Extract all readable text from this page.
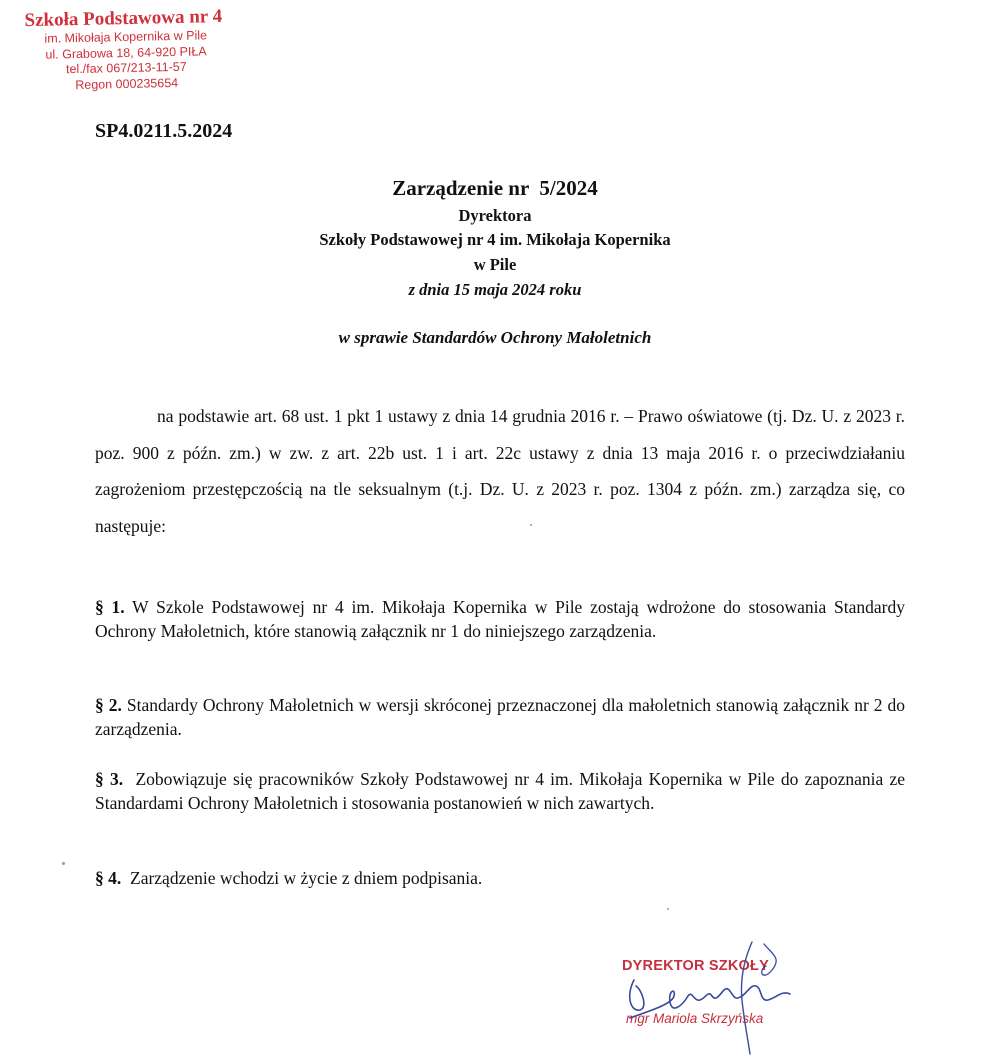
Szkoła Podstawowa nr 4
im. Mikołaja Kopernika w Pile
ul. Grabowa 18, 64-920 PIŁA
tel./fax 067/213-11-57
Regon 000235654
SP4.0211.5.2024
Zarządzenie nr  5/2024
Dyrektora
Szkoły Podstawowej nr 4 im. Mikołaja Kopernika
w Pile
z dnia 15 maja 2024 roku
w sprawie Standardów Ochrony Małoletnich
na podstawie art. 68 ust. 1 pkt 1 ustawy z dnia 14 grudnia 2016 r. – Prawo oświatowe (tj. Dz. U. z 2023 r. poz. 900 z późn. zm.) w zw. z art. 22b ust. 1 i art. 22c ustawy z dnia 13 maja 2016 r. o przeciwdziałaniu zagrożeniom przestępczością na tle seksualnym (t.j. Dz. U. z 2023 r. poz. 1304 z późn. zm.) zarządza się, co następuje:
§ 1. W Szkole Podstawowej nr 4 im. Mikołaja Kopernika w Pile zostają wdrożone do stosowania Standardy Ochrony Małoletnich, które stanowią załącznik nr 1 do niniejszego zarządzenia.
§ 2. Standardy Ochrony Małoletnich w wersji skróconej przeznaczonej dla małoletnich stanowią załącznik nr 2 do zarządzenia.
§ 3. Zobowiązuje się pracowników Szkoły Podstawowej nr 4 im. Mikołaja Kopernika w Pile do zapoznania ze Standardami Ochrony Małoletnich i stosowania postanowień w nich zawartych.
§ 4. Zarządzenie wchodzi w życie z dniem podpisania.
DYREKTOR SZKOŁY
mgr Mariola Skrzyńska
